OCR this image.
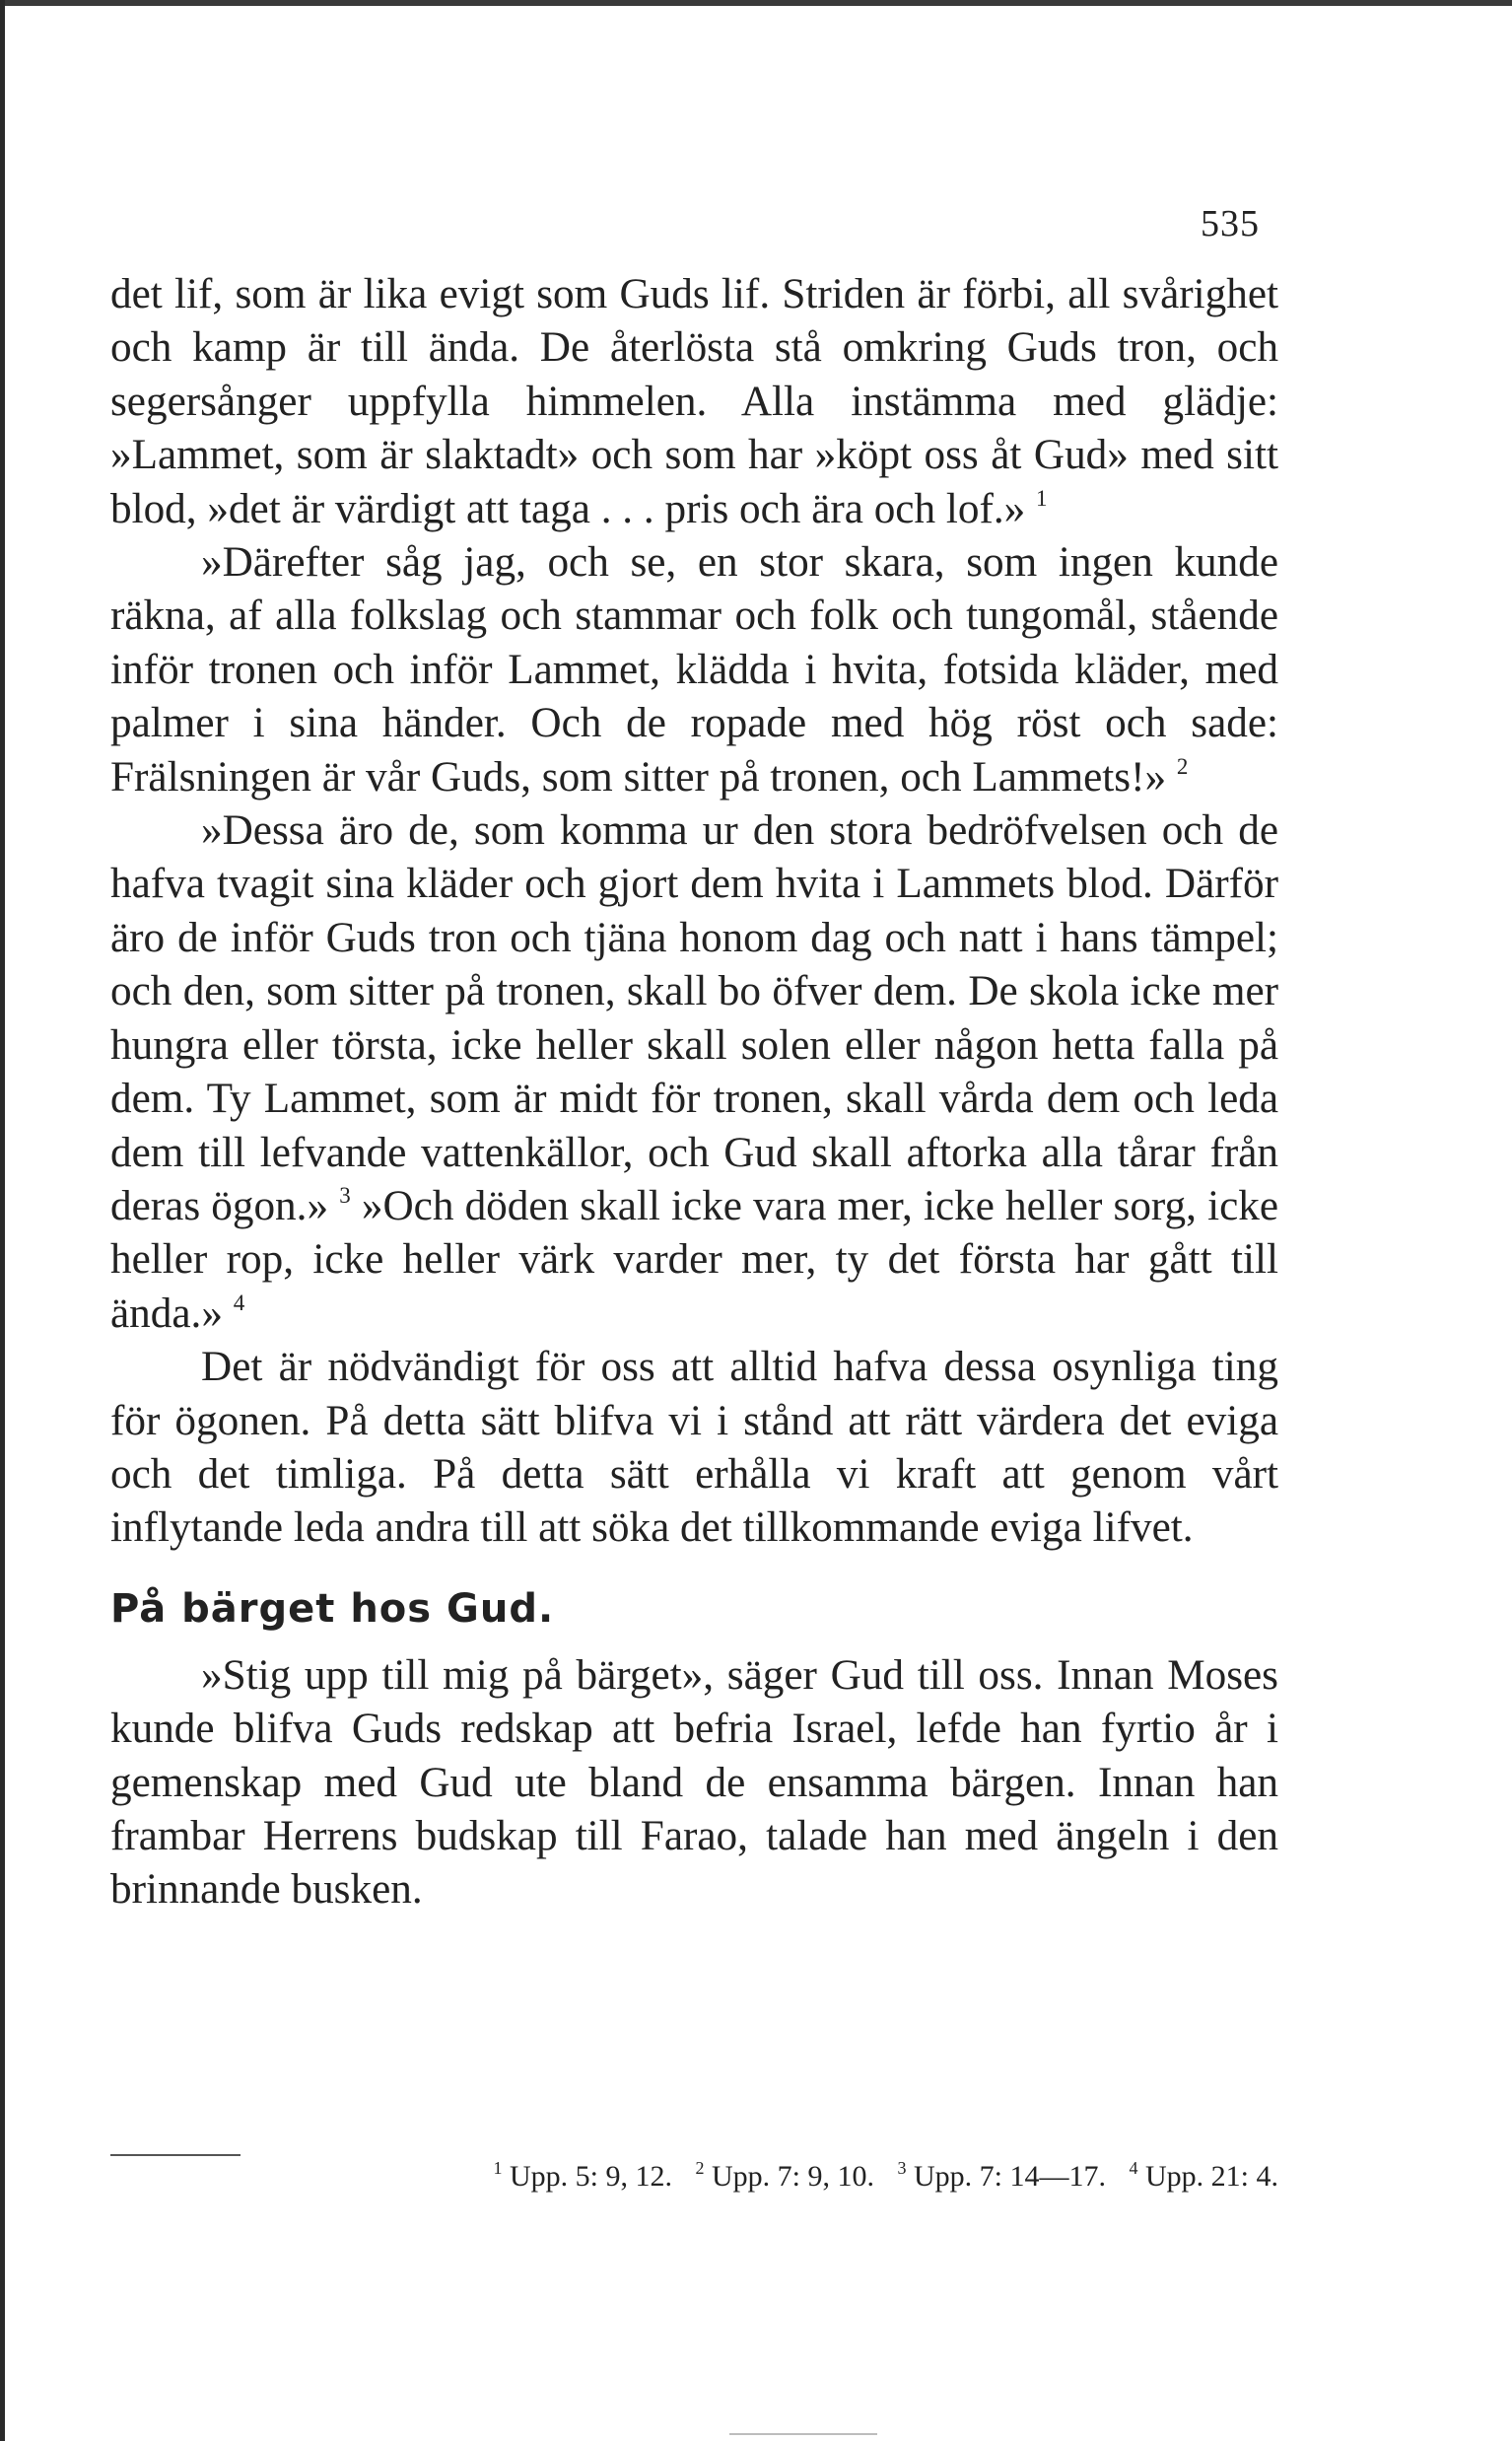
535

det lif, som är lika evigt som Guds lif. Striden är förbi, all svårighet och kamp är till ända. De återlösta stå omkring Guds tron, och segersånger uppfylla himmelen. Alla instämma med glädje: »Lammet, som är slaktadt» och som har »köpt oss åt Gud» med sitt blod, »det är värdigt att taga . . . pris och ära och lof.» $^1$

»Därefter såg jag, och se, en stor skara, som ingen kunde räkna, af alla folkslag och stammar och folk och tungomål, stående inför tronen och inför Lammet, klädda i hvita, fotsida kläder, med palmer i sina händer. Och de ropade med hög röst och sade: Frälsningen är vår Guds, som sitter på tronen, och Lammets!» $^2$

»Dessa äro de, som komma ur den stora bedröfvelsen och de hafva tvagit sina kläder och gjort dem hvita i Lammets blod. Därför äro de inför Guds tron och tjäna honom dag och natt i hans tämpel; och den, som sitter på tronen, skall bo öfver dem. De skola icke mer hungra eller törsta, icke heller skall solen eller någon hetta falla på dem. Ty Lammet, som är midt för tronen, skall vårda dem och leda dem till lefvande vattenkällor, och Gud skall aftorka alla tårar från deras ögon.» $^3$ »Och döden skall icke vara mer, icke heller sorg, icke heller rop, icke heller värk varder mer, ty det första har gått till ända.» $^4$

Det är nödvändigt för oss att alltid hafva dessa osynliga ting för ögonen. På detta sätt blifva vi i stånd att rätt värdera det eviga och det timliga. På detta sätt erhålla vi kraft att genom vårt inflytande leda andra till att söka det tillkommande eviga lifvet.

På bärget hos Gud.

»Stig upp till mig på bärget», säger Gud till oss. Innan Moses kunde blifva Guds redskap att befria Israel, lefde han fyrtio år i gemenskap med Gud ute bland de ensamma bärgen. Innan han frambar Herrens budskap till Farao, talade han med ängeln i den brinnande busken.

$^1$ Upp. 5: 9, 12. $^2$ Upp. 7: 9, 10. $^3$ Upp. 7: 14—17. $^4$ Upp. 21: 4.
